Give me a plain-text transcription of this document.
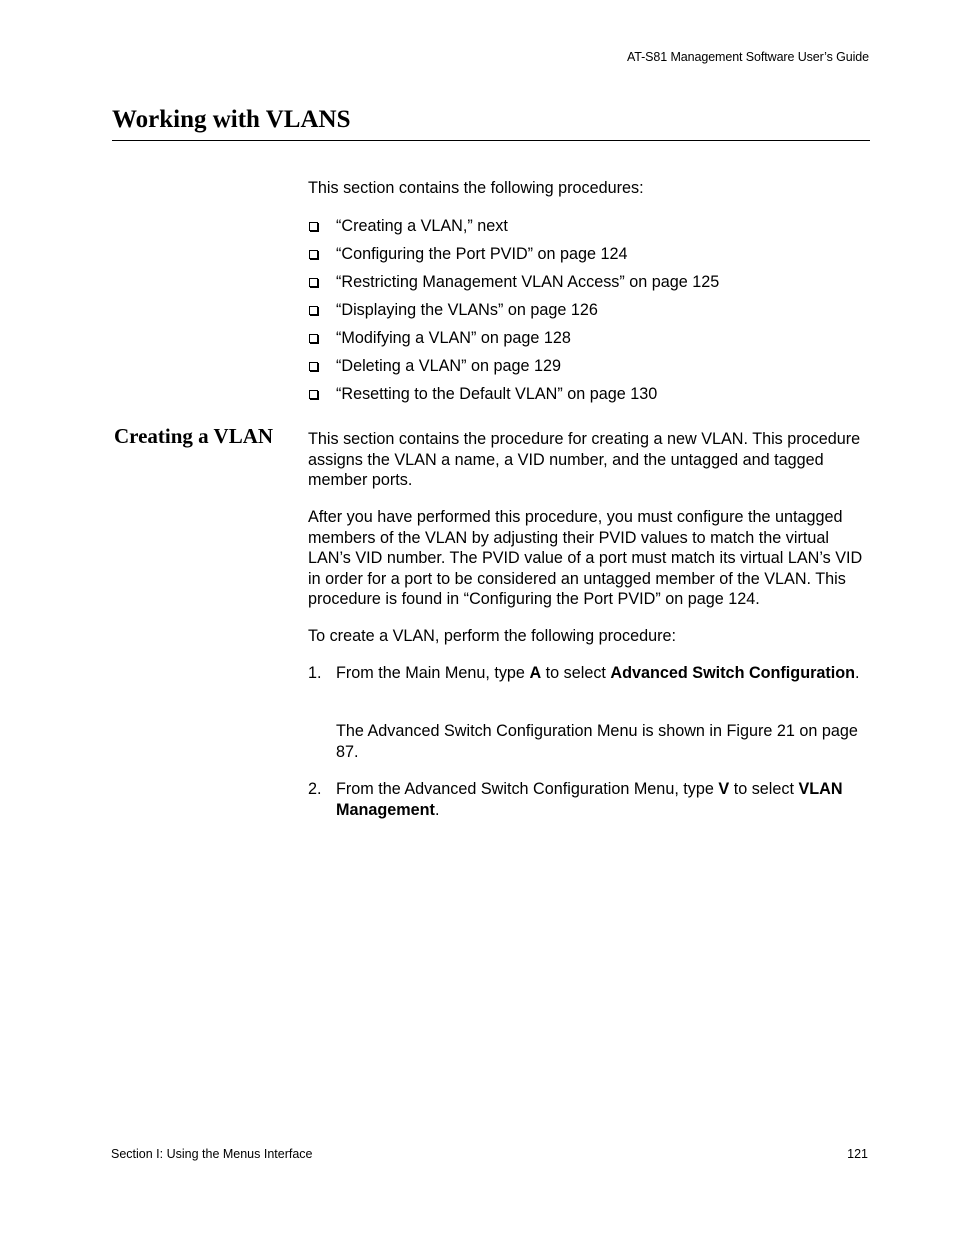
AT-S81 Management Software User’s Guide
Working with VLANS

This section contains the following procedures:

“Creating a VLAN,” next
“Configuring the Port PVID” on page 124
“Restricting Management VLAN Access” on page 125
“Displaying the VLANs” on page 126
“Modifying a VLAN” on page 128
“Deleting a VLAN” on page 129
“Resetting to the Default VLAN” on page 130
Creating a VLAN This section contains the procedure for creating a new VLAN. This procedure assigns the VLAN a name, a VID number, and the untagged and tagged member ports.

After you have performed this procedure, you must configure the untagged members of the VLAN by adjusting their PVID values to match the virtual LAN’s VID number. The PVID value of a port must match its virtual LAN’s VID in order for a port to be considered an untagged member of the VLAN. This procedure is found in “Configuring the Port PVID” on page 124.

To create a VLAN, perform the following procedure:

1. From the Main Menu, type A to select Advanced Switch Configuration.
The Advanced Switch Configuration Menu is shown in Figure 21 on page 87.
2. From the Advanced Switch Configuration Menu, type V to select VLAN Management.
Section I: Using the Menus Interface	121
